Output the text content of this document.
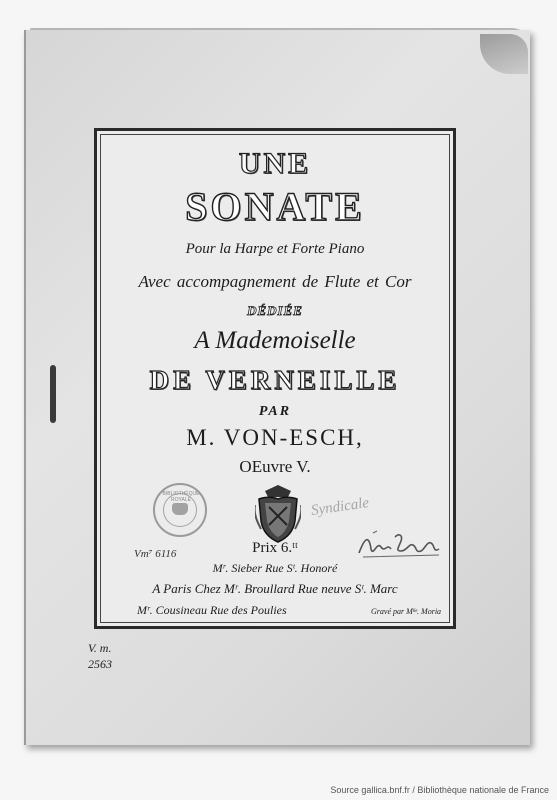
UNE
SONATE
Pour la Harpe et Forte Piano
Avec accompagnement de Flute et Cor
DÉDIÉE
A Mademoiselle
DE VERNEILLE
PAR
M. VON-ESCH,
OEuvre V.
BIBLIOTHÈQUE ROYALE	Syndicale
Prix 6.ᵗᵗ
Mʳ. Sieber Rue Sᵗ. Honoré
A Paris Chez Mʳ. Broullard Rue neuve Sᵗ. Marc
Mʳ. Cousineau Rue des Poulies	Gravé par Mˡˡᵉ. Moria
Vm⁷ 6116
V. m.
2563
Source gallica.bnf.fr / Bibliothèque nationale de France
